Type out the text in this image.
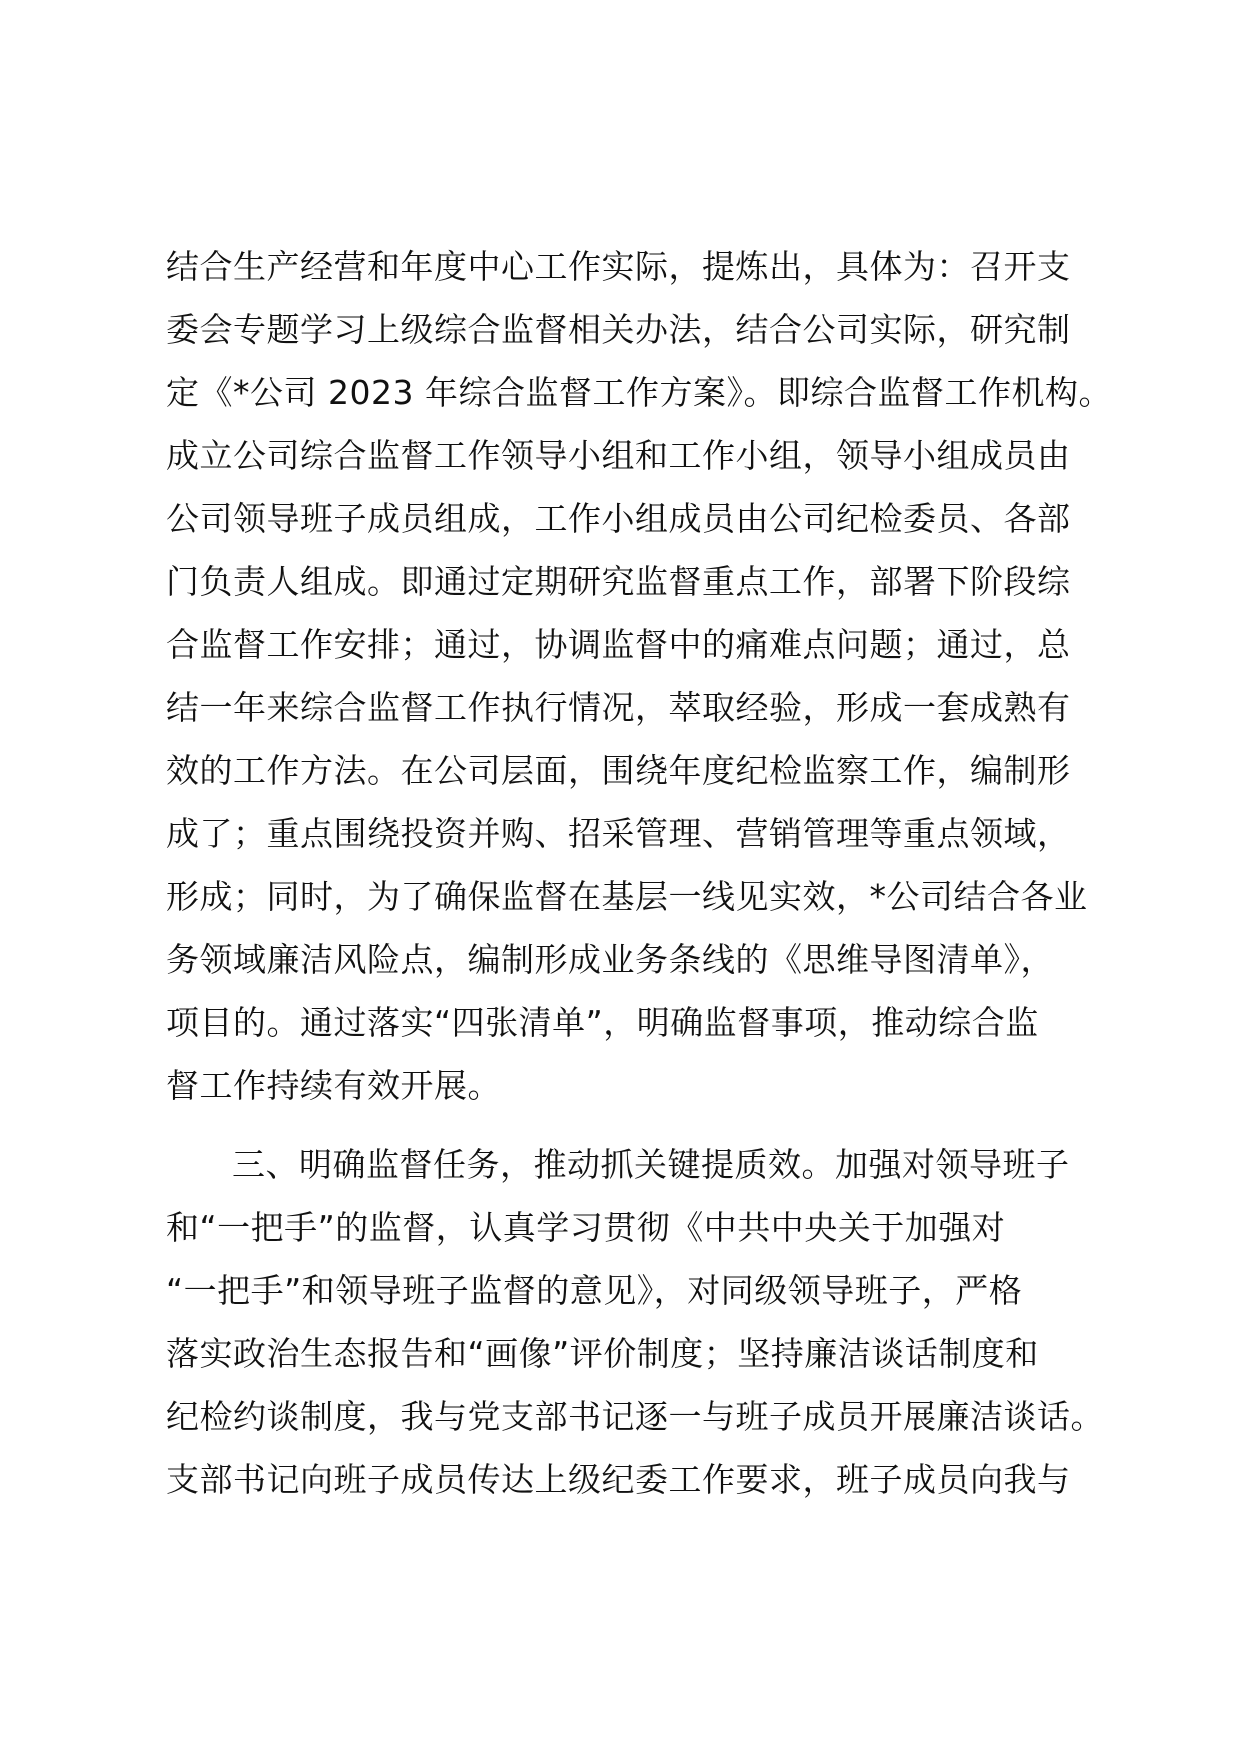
结合生产经营和年度中心工作实际，提炼出，具体为：召开支
委会专题学习上级综合监督相关办法，结合公司实际，研究制
定《*公司 2023 年综合监督工作方案》。即综合监督工作机构。
成立公司综合监督工作领导小组和工作小组，领导小组成员由
公司领导班子成员组成，工作小组成员由公司纪检委员、各部
门负责人组成。即通过定期研究监督重点工作，部署下阶段综
合监督工作安排；通过，协调监督中的痛难点问题；通过，总
结一年来综合监督工作执行情况，萃取经验，形成一套成熟有
效的工作方法。在公司层面，围绕年度纪检监察工作，编制形
成了；重点围绕投资并购、招采管理、营销管理等重点领域，
形成；同时，为了确保监督在基层一线见实效，*公司结合各业
务领域廉洁风险点，编制形成业务条线的《思维导图清单》，
项目的。通过落实“四张清单”，明确监督事项，推动综合监
督工作持续有效开展。
三、明确监督任务，推动抓关键提质效。加强对领导班子
和“一把手”的监督，认真学习贯彻《中共中央关于加强对
“一把手”和领导班子监督的意见》，对同级领导班子，严格
落实政治生态报告和“画像”评价制度；坚持廉洁谈话制度和
纪检约谈制度，我与党支部书记逐一与班子成员开展廉洁谈话。
支部书记向班子成员传达上级纪委工作要求，班子成员向我与
